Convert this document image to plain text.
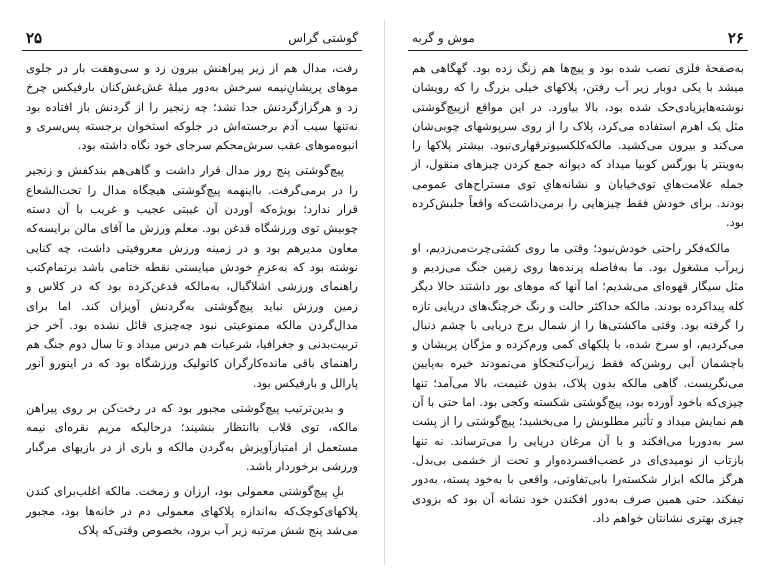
گوشتی گراس
۲۵

رفت، مدال هم از زیر پیراهنش بیرون زد و سی‌وهفت بار در جلوی موهای پریشانِ‌نیمه سرخش به‌دور میلهٔ‌ غش‌غش‌کنان بارفیکس چرخ زد و هرگزازگردنش جدا نشد؛ چه زنجیر را از گردنش باز افتاده بود نه‌تنها سیب آدم برجسته‌اش در جلوکه استخوان برجسته پس‌سری و انبوه‌موهای عقب سرش‌محکم سرجای خود نگاه داشته بود.

پیچ‌گوشتی پنج‌ روز مدال قرار داشت و گاهی‌هم بندکفش و زنجیر را در برمی‌گرفت. بااینهمه پیچ‌گوشتی هیچگاه مدال را تحت‌الشعاع قرار ندارد؛ بویژه‌که آوردن آن غیبتی عجیب و غریب با آن دسته چوبیش توی ورزشگاه قدغن بود. معلم ورزش ما آقای مالن برایسه‌که معاون مدیرهم بود و در زمینه ورزش معروفیتی داشت، چه کنایی نوشته بود که به‌عزمِ خودش میایستی نقطه ختامی باشد برتمام‌کتب راهنمای ورزشی اشلاگبال، به‌مالکه قدغن‌کرده بود که در کلاس و زمین ورزش نباید پیچ‌گوشتی به‌گردنش آویزان کند. اما برای مدال‌گردن مالکه ممنوعیتی نبود چه‌چیزی قائل نشده بود. آخر جز تربیت‌بدنی و جغرافیا، شرعیات هم درس میداد و تا سال دوم جنگ هم راهنمای باقی مانده‌کارگران کاتولیک ورزشگاه بود که در اینورو آنور پارالل و بارفیکس بود.

و بدین‌ترتیب پیچ‌گوشتی مجبور بود که در رخت‌کن بر روی پیراهن مالکه، توی قلاب باانتظار بنشیند؛ درحالیکه مریم نقره‌ای نیمه مستعمل از امتیاز‌آویزش به‌گردن مالکه و باری از در بازیهای مرگبار ورزشی برخوردار باشد.

بلِ پیچ‌گوشتی معمولی بود، ارزان و زمخت. مالکه اغلب‌برای کندن پلاکهای‌کوچک‌که به‌اندازه پلاکهای معمولی دم در خانه‌ها بود، مجبور می‌شد پنج شش مرتبه زیر آب برود، بخصوص وقتی‌که پلاک

۲۶
موش و گربه

به‌صفحهٔ فلزی نصب شده بود و پیچ‌ها هم زنگ زده بود. گهگاهی هم میشد با یکی دوبار زیر آب رفتن، پلاکهای خیلی بزرگ را که رویشان نوشته‌هایزیادی‌حک شده بود، بالا بیاورد. در این مواقع ازپیچ‌گوشتی مثل یک اهرم استفاده می‌کرد، پلاک را از روی سرپوشهای چوبی‌شان می‌کند و بیرون می‌کشید. مالکه‌کلکسیونرقهاری‌نبود. بیشتر پلاکها را به‌وینتر یا بورگس کوبیا میداد که دیوانه جمع کردن چیزهای منقول، از جمله علامت‌هایِ توی‌خیابان و نشانه‌هایِ توی مستراح‌های عمومی بودند. برای خودش فقط چیزهایی را برمی‌داشت‌که واقعاً جلبش‌کرده بود.

مالکه‌فکر راحتی خودش‌نبود؛ وقتی ما روی کشتی‌چرت‌می‌زدیم، او زیرآب مشغول بود. ما به‌فاصله پرنده‌ها روی زمین جنگ می‌زدیم و مثل سیگار قهوه‌ای می‌شدیم؛ اما آنها که موهای بور داشتند حالا دیگر کله پیداکرده بودند. مالکه حداکثر حالت و رنگ خرچنگ‌های دریایی تازه را گرفته بود. وقتی ماکشتی‌ها را از شمال برج دریایی با چشم دنبال می‌کردیم، او سرخ شده، با پلکهای کمی ورم‌کرده و مژگان پریشان و باچشمان آبی روشن‌که فقط زیرآب‌کنجکاو می‌نمودند خیره به‌پایین می‌نگریست. گاهی مالکه بدون پلاک، بدون غنیمت، بالا می‌آمد؛ تنها چیزی‌که باخود آورده بود، پیچ‌گوشتی شکسته وکجی بود. اما حتی با آن هم نمایش میداد و تأثیر مطلوبش را می‌بخشید؛ پیچ‌گوشتی را از پشت سر به‌دوربا می‌افکند و با آن مرغان دریایی را می‌ترساند. نه تنها بازتاب از نومیدی‌ای در غضب‌افسرده‌وار و تحت از خشمی بی‌بدل. هرگز مالکه ابزار شکسته‌را بابی‌تفاوتی، واقعی با به‌خود پسته، به‌دور نیفکند. حتی همین صرف به‌دور افکندن خود نشانه آن بود که بزودی چیزی بهتری نشانتان خواهم داد.
